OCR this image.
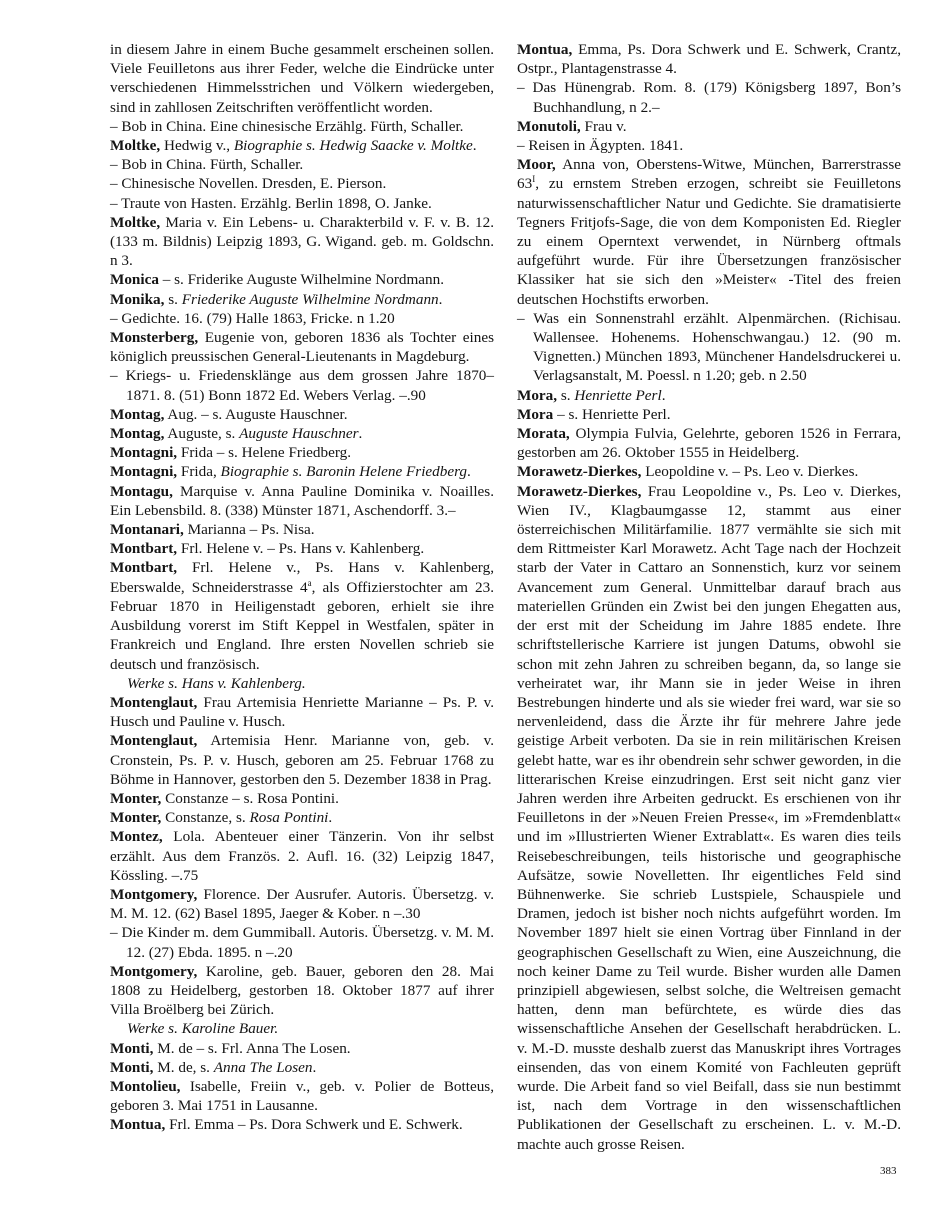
in diesem Jahre in einem Buche gesammelt erscheinen sollen. Viele Feuilletons aus ihrer Feder, welche die Eindrücke unter verschiedenen Himmelsstrichen und Völkern wiedergeben, sind in zahllosen Zeitschriften veröffentlicht worden.

– Bob in China. Eine chinesische Erzählg. Fürth, Schaller.

Moltke, Hedwig v., Biographie s. Hedwig Saacke v. Moltke.

– Bob in China. Fürth, Schaller.

– Chinesische Novellen. Dresden, E. Pierson.

– Traute von Hasten. Erzählg. Berlin 1898, O. Janke.

Moltke, Maria v. Ein Lebens- u. Charakterbild v. F. v. B. 12. (133 m. Bildnis) Leipzig 1893, G. Wigand. geb. m. Goldschn. n 3.

Monica – s. Friderike Auguste Wilhelmine Nordmann.

Monika, s. Friederike Auguste Wilhelmine Nordmann.

– Gedichte. 16. (79) Halle 1863, Fricke. n 1.20

Monsterberg, Eugenie von, geboren 1836 als Tochter eines königlich preussischen General-Lieutenants in Magdeburg.

– Kriegs- u. Friedensklänge aus dem grossen Jahre 1870–1871. 8. (51) Bonn 1872 Ed. Webers Verlag. –.90

Montag, Aug. – s. Auguste Hauschner.

Montag, Auguste, s. Auguste Hauschner.

Montagni, Frida – s. Helene Friedberg.

Montagni, Frida, Biographie s. Baronin Helene Friedberg.

Montagu, Marquise v. Anna Pauline Dominika v. Noailles. Ein Lebensbild. 8. (338) Münster 1871, Aschendorff. 3.–

Montanari, Marianna – Ps. Nisa.

Montbart, Frl. Helene v. – Ps. Hans v. Kahlenberg.

Montbart, Frl. Helene v., Ps. Hans v. Kahlenberg, Eberswalde, Schneiderstrasse 4$^a$, als Offizierstochter am 23. Februar 1870 in Heiligenstadt geboren, erhielt sie ihre Ausbildung vorerst im Stift Keppel in Westfalen, später in Frankreich und England. Ihre ersten Novellen schrieb sie deutsch und französisch.

Werke s. Hans v. Kahlenberg.

Montenglaut, Frau Artemisia Henriette Marianne – Ps. P. v. Husch und Pauline v. Husch.

Montenglaut, Artemisia Henr. Marianne von, geb. v. Cronstein, Ps. P. v. Husch, geboren am 25. Februar 1768 zu Böhme in Hannover, gestorben den 5. Dezember 1838 in Prag.

Monter, Constanze – s. Rosa Pontini.

Monter, Constanze, s. Rosa Pontini.

Montez, Lola. Abenteuer einer Tänzerin. Von ihr selbst erzählt. Aus dem Französ. 2. Aufl. 16. (32) Leipzig 1847, Kössling. –.75

Montgomery, Florence. Der Ausrufer. Autoris. Übersetzg. v. M. M. 12. (62) Basel 1895, Jaeger & Kober. n –.30

– Die Kinder m. dem Gummiball. Autoris. Übersetzg. v. M. M. 12. (27) Ebda. 1895. n –.20

Montgomery, Karoline, geb. Bauer, geboren den 28. Mai 1808 zu Heidelberg, gestorben 18. Oktober 1877 auf ihrer Villa Broëlberg bei Zürich.

Werke s. Karoline Bauer.

Monti, M. de – s. Frl. Anna The Losen.

Monti, M. de, s. Anna The Losen.

Montolieu, Isabelle, Freiin v., geb. v. Polier de Botteus, geboren 3. Mai 1751 in Lausanne.

Montua, Frl. Emma – Ps. Dora Schwerk und E. Schwerk.

Montua, Emma, Ps. Dora Schwerk und E. Schwerk, Crantz, Ostpr., Plantagenstrasse 4.

– Das Hünengrab. Rom. 8. (179) Königsberg 1897, Bon’s Buchhandlung, n 2.–

Monutoli, Frau v.

– Reisen in Ägypten. 1841.

Moor, Anna von, Oberstens-Witwe, München, Barrerstrasse $63^I$, zu ernstem Streben erzogen, schreibt sie Feuilletons naturwissenschaftlicher Natur und Gedichte. Sie dramatisierte Tegners Fritjofs-Sage, die von dem Komponisten Ed. Riegler zu einem Operntext verwendet, in Nürnberg oftmals aufgeführt wurde. Für ihre Übersetzungen französischer Klassiker hat sie sich den »Meister« -Titel des freien deutschen Hochstifts erworben.

– Was ein Sonnenstrahl erzählt. Alpenmärchen. (Richisau. Wallensee. Hohenems. Hohenschwangau.) 12. (90 m. Vignetten.) München 1893, Münchener Handelsdruckerei u. Verlagsanstalt, M. Poessl. n 1.20; geb. n 2.50

Mora, s. Henriette Perl.

Mora – s. Henriette Perl.

Morata, Olympia Fulvia, Gelehrte, geboren 1526 in Ferrara, gestorben am 26. Oktober 1555 in Heidelberg.

Morawetz-Dierkes, Leopoldine v. – Ps. Leo v. Dierkes.

Morawetz-Dierkes, Frau Leopoldine v., Ps. Leo v. Dierkes, Wien IV., Klagbaumgasse 12, stammt aus einer österreichischen Militärfamilie. 1877 vermählte sie sich mit dem Rittmeister Karl Morawetz. Acht Tage nach der Hochzeit starb der Vater in Cattaro an Sonnenstich, kurz vor seinem Avancement zum General. Unmittelbar darauf brach aus materiellen Gründen ein Zwist bei den jungen Ehegatten aus, der erst mit der Scheidung im Jahre 1885 endete. Ihre schriftstellerische Karriere ist jungen Datums, obwohl sie schon mit zehn Jahren zu schreiben begann, da, so lange sie verheiratet war, ihr Mann sie in jeder Weise in ihren Bestrebungen hinderte und als sie wieder frei ward, war sie so nervenleidend, dass die Ärzte ihr für mehrere Jahre jede geistige Arbeit verboten. Da sie in rein militärischen Kreisen gelebt hatte, war es ihr obendrein sehr schwer geworden, in die litterarischen Kreise einzudringen. Erst seit nicht ganz vier Jahren werden ihre Arbeiten gedruckt. Es erschienen von ihr Feuilletons in der »Neuen Freien Presse«, im »Fremdenblatt« und im »Illustrierten Wiener Extrablatt«. Es waren dies teils Reisebeschreibungen, teils historische und geographische Aufsätze, sowie Novelletten. Ihr eigentliches Feld sind Bühnenwerke. Sie schrieb Lustspiele, Schauspiele und Dramen, jedoch ist bisher noch nichts aufgeführt worden. Im November 1897 hielt sie einen Vortrag über Finnland in der geographischen Gesellschaft zu Wien, eine Auszeichnung, die noch keiner Dame zu Teil wurde. Bisher wurden alle Damen prinzipiell abgewiesen, selbst solche, die Weltreisen gemacht hatten, denn man befürchtete, es würde dies das wissenschaftliche Ansehen der Gesellschaft herabdrücken. L. v. M.-D. musste deshalb zuerst das Manuskript ihres Vortrages einsenden, das von einem Komité von Fachleuten geprüft wurde. Die Arbeit fand so viel Beifall, dass sie nun bestimmt ist, nach dem Vortrage in den wissenschaftlichen Publikationen der Gesellschaft zu erscheinen. L. v. M.-D. machte auch grosse Reisen.

383
